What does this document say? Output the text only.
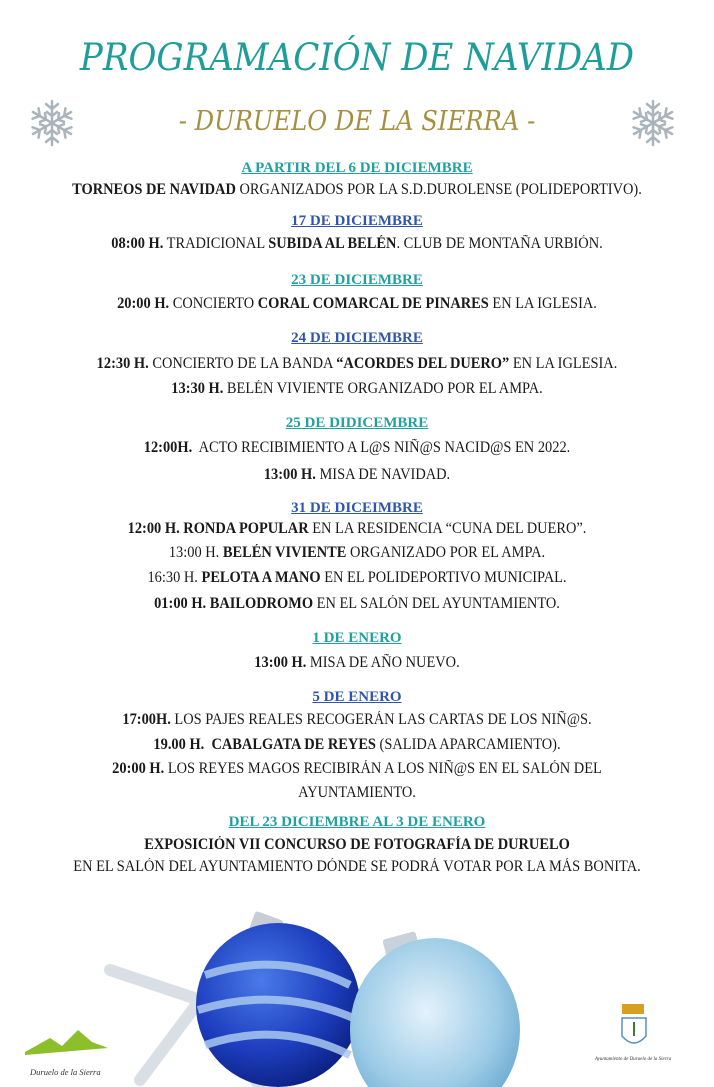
PROGRAMACIÓN DE NAVIDAD
- DURUELO DE LA SIERRA -
A PARTIR DEL 6 DE DICIEMBRE
TORNEOS DE NAVIDAD ORGANIZADOS POR LA S.D.DUROLENSE (POLIDEPORTIVO).
17 DE DICIEMBRE
08:00 H. TRADICIONAL SUBIDA AL BELÉN. CLUB DE MONTAÑA URBIÓN.
23 DE DICIEMBRE
20:00 H. CONCIERTO CORAL COMARCAL DE PINARES EN LA IGLESIA.
24 DE DICIEMBRE
12:30 H. CONCIERTO DE LA BANDA “ACORDES DEL DUERO” EN LA IGLESIA.
13:30 H. BELÉN VIVIENTE ORGANIZADO POR EL AMPA.
25 DE DIDICEMBRE
12:00H.  ACTO RECIBIMIENTO A L@S NIÑ@S NACID@S EN 2022.
13:00 H. MISA DE NAVIDAD.
31 DE DICEIMBRE
12:00 H. RONDA POPULAR EN LA RESIDENCIA “CUNA DEL DUERO”.
13:00 H. BELÉN VIVIENTE ORGANIZADO POR EL AMPA.
16:30 H. PELOTA A MANO EN EL POLIDEPORTIVO MUNICIPAL.
01:00 H. BAILODROMO EN EL SALÓN DEL AYUNTAMIENTO.
1 DE ENERO
13:00 H. MISA DE AÑO NUEVO.
5 DE ENERO
17:00H. LOS PAJES REALES RECOGERÁN LAS CARTAS DE LOS NIÑ@S.
19.00 H.  CABALGATA DE REYES (SALIDA APARCAMIENTO).
20:00 H. LOS REYES MAGOS RECIBIRÁN A LOS NIÑ@S EN EL SALÓN DEL
AYUNTAMIENTO.
DEL 23 DICIEMBRE AL 3 DE ENERO
EXPOSICIÓN VII CONCURSO DE FOTOGRAFÍA DE DURUELO
EN EL SALÓN DEL AYUNTAMIENTO DÓNDE SE PODRÁ VOTAR POR LA MÁS BONITA.
Duruelo de la Sierra
Ayuntamiento de Duruelo de la Sierra
